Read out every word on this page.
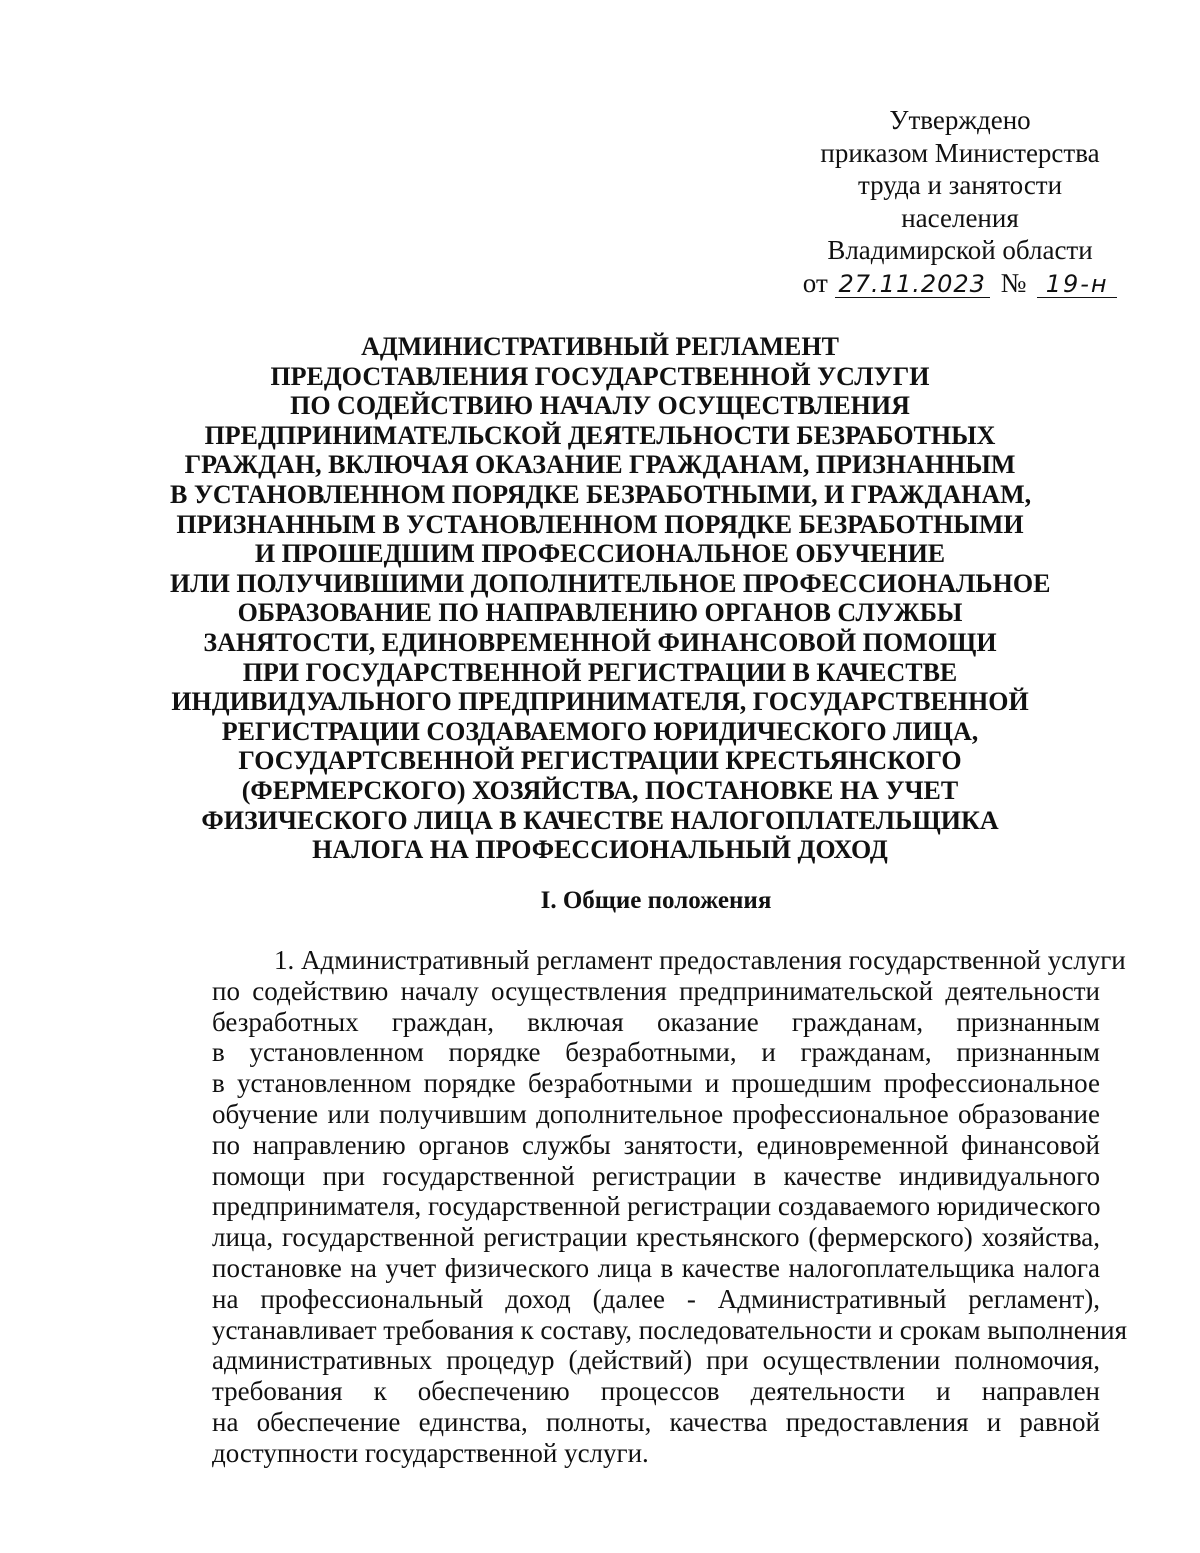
Утверждено
приказом Министерства
труда и занятости
населения
Владимирской области
от 27.11.2023 № 19-н
АДМИНИСТРАТИВНЫЙ РЕГЛАМЕНТ
ПРЕДОСТАВЛЕНИЯ ГОСУДАРСТВЕННОЙ УСЛУГИ
ПО СОДЕЙСТВИЮ НАЧАЛУ ОСУЩЕСТВЛЕНИЯ
ПРЕДПРИНИМАТЕЛЬСКОЙ ДЕЯТЕЛЬНОСТИ БЕЗРАБОТНЫХ
ГРАЖДАН, ВКЛЮЧАЯ ОКАЗАНИЕ ГРАЖДАНАМ, ПРИЗНАННЫМ
В УСТАНОВЛЕННОМ ПОРЯДКЕ БЕЗРАБОТНЫМИ, И ГРАЖДАНАМ,
ПРИЗНАННЫМ В УСТАНОВЛЕННОМ ПОРЯДКЕ БЕЗРАБОТНЫМИ
И ПРОШЕДШИМ ПРОФЕССИОНАЛЬНОЕ ОБУЧЕНИЕ
ИЛИ ПОЛУЧИВШИМИ ДОПОЛНИТЕЛЬНОЕ ПРОФЕССИОНАЛЬНОЕ
ОБРАЗОВАНИЕ ПО НАПРАВЛЕНИЮ ОРГАНОВ СЛУЖБЫ
ЗАНЯТОСТИ, ЕДИНОВРЕМЕННОЙ ФИНАНСОВОЙ ПОМОЩИ
ПРИ ГОСУДАРСТВЕННОЙ РЕГИСТРАЦИИ В КАЧЕСТВЕ
ИНДИВИДУАЛЬНОГО ПРЕДПРИНИМАТЕЛЯ, ГОСУДАРСТВЕННОЙ
РЕГИСТРАЦИИ СОЗДАВАЕМОГО ЮРИДИЧЕСКОГО ЛИЦА,
ГОСУДАРТСВЕННОЙ РЕГИСТРАЦИИ КРЕСТЬЯНСКОГО
(ФЕРМЕРСКОГО) ХОЗЯЙСТВА, ПОСТАНОВКЕ НА УЧЕТ
ФИЗИЧЕСКОГО ЛИЦА В КАЧЕСТВЕ НАЛОГОПЛАТЕЛЬЩИКА
НАЛОГА НА ПРОФЕССИОНАЛЬНЫЙ ДОХОД
I. Общие положения
1. Административный регламент предоставления государственной услуги
по содействию началу осуществления предпринимательской деятельности
безработных граждан, включая оказание гражданам, признанным
в установленном порядке безработными, и гражданам, признанным
в установленном порядке безработными и прошедшим профессиональное
обучение или получившим дополнительное профессиональное образование
по направлению органов службы занятости, единовременной финансовой
помощи при государственной регистрации в качестве индивидуального
предпринимателя, государственной регистрации создаваемого юридического
лица, государственной регистрации крестьянского (фермерского) хозяйства,
постановке на учет физического лица в качестве налогоплательщика налога
на профессиональный доход (далее - Административный регламент),
устанавливает требования к составу, последовательности и срокам выполнения
административных процедур (действий) при осуществлении полномочия,
требования к обеспечению процессов деятельности и направлен
на обеспечение единства, полноты, качества предоставления и равной
доступности государственной услуги.
